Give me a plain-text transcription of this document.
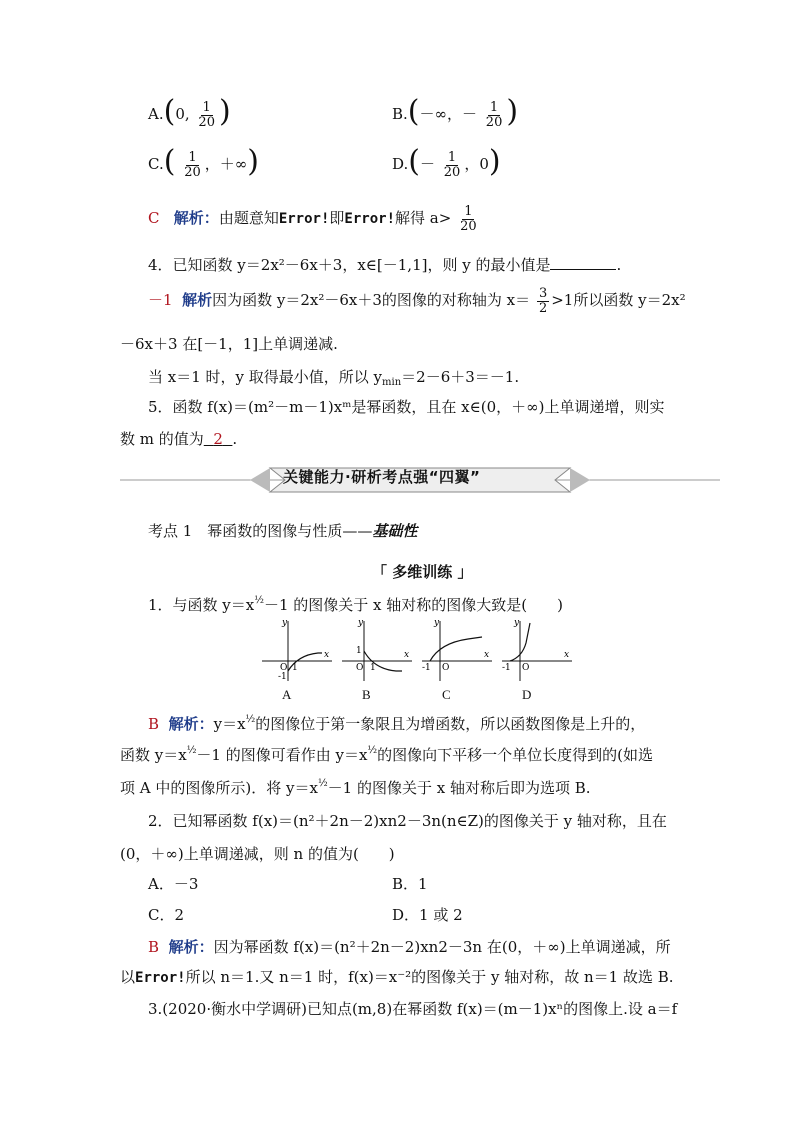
A.(0, $\frac{1}{20}$ )	B.(－∞，－ $\frac{1}{20}$ )
$C.( \frac{1}{20}$ ，＋∞)	$D.(- \frac{1}{20}$ ，0)
C 解析：由题意知Error!即Error!解得 $a> \frac{1}{20}$
4．已知函数 y＝2x²－6x＋3，x∈[－1,1]，则 y 的最小值是	.
－1 解析因为函数 y＝2x²－6x＋3的图像的对称轴为 $x= \frac{3}{2} >1$所以函数 y＝2x²
－6x＋3 在[－1，1]上单调递减.
当 x＝1 时，y 取得最小值，所以 $y_{min}=2-6+3=-1$.
5．函数 f(x)＝(m²－m－1)xᵐ是幂函数，且在 x∈(0，＋∞)上单调递增，则实
数 m 的值为 2 .
关键能力·研析考点强“四翼”
考点 1　幂函数的图像与性质——基础性
「 多维训练 」
1．与函数 $y=x^{\frac{1}{2}}-1$ 的图像关于 x 轴对称的图像大致是(　　)
y
x
O 1
-1
y
x
O 1
1
y
x
-1 O
y
x
-1 O
A	B	C	D
B 解析：$y=x^{\frac{1}{2}}$的图像位于第一象限且为增函数，所以函数图像是上升的，
函数 $y=x^{\frac{1}{2}}-1$ 的图像可看作由 $y=x^{\frac{1}{2}}$的图像向下平移一个单位长度得到的(如选
项 A 中的图像所示)．将 $y=x^{\frac{1}{2}}-1$ 的图像关于 x 轴对称后即为选项 B.
2．已知幂函数 f(x)＝(n²＋2n－2)xn2－3n(n∈Z)的图像关于 y 轴对称，且在
(0，＋∞)上单调递减，则 n 的值为(　　)
A．－3	B．1
C．2	D．1 或 2
B 解析：因为幂函数 f(x)＝(n²＋2n－2)xn2－3n 在(0，＋∞)上单调递减，所
以Error!所以 n＝1.又 n＝1 时，f(x)＝x⁻²的图像关于 y 轴对称，故 n＝1 故选 B.
3.(2020·衡水中学调研)已知点(m,8)在幂函数 f(x)＝(m－1)xⁿ的图像上.设 a＝f
